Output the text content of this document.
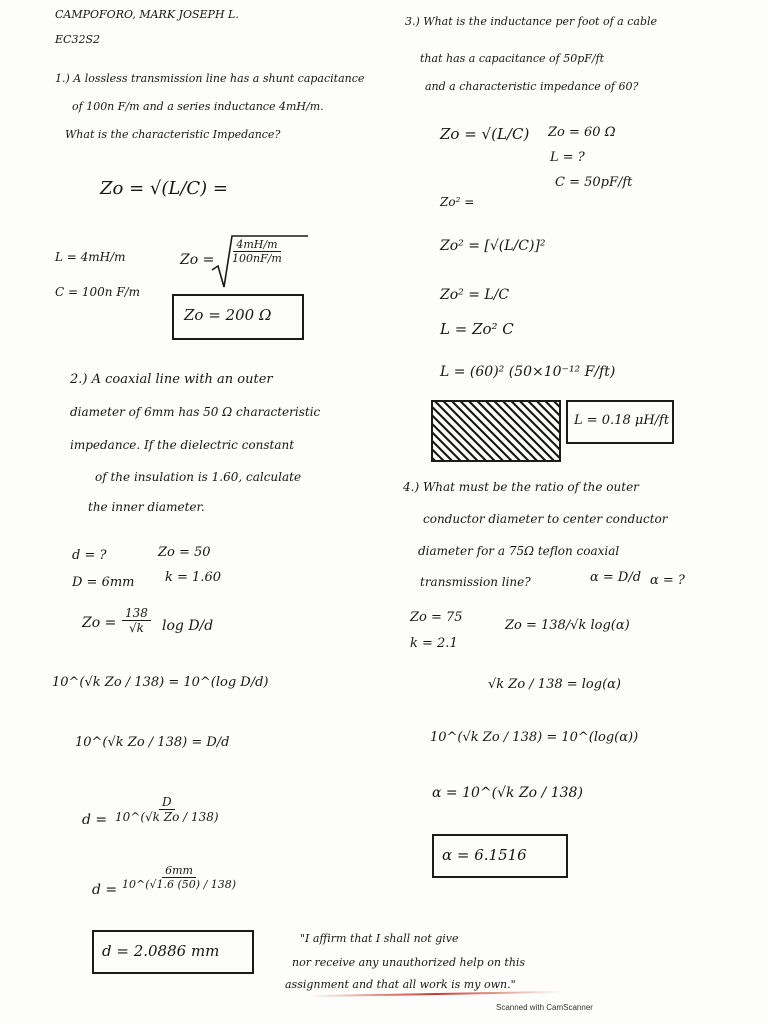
CAMPOFORO, MARK JOSEPH L.
EC32S2
1.) A lossless transmission line has a shunt capacitance
of 100n F/m and a series inductance 4mH/m.
What is the characteristic Impedance?
Zo = √(L/C) =
L = 4mH/m
C = 100n F/m
$Zo = \frac{4mH/m}{100nF/m}$
Zo = 200 Ω
2.) A coaxial line with an outer
diameter of 6mm has 50 Ω characteristic
impedance. If the dielectric constant
of the insulation is 1.60, calculate
the inner diameter.
d = ?
D = 6mm
Zo = 50
k = 1.60
$Zo = \frac{138}{√k}$ log D/d
10^(√k Zo / 138) = 10^(log D/d)
10^(√k Zo / 138) = D/d
$d = \frac{D}{\text{10\textasciicircum{}(√k Zo / 138)}}$
$d = \frac{6mm}{10\^{}(√1.6 (50) / 138)}$
d = 2.0886 mm
3.) What is the inductance per foot of a cable
that has a capacitance of 50pF/ft
and a characteristic impedance of 60?
Zo = √(L/C) Zo = 60 Ω
L = ?
C = 50pF/ft
Zo² =
Zo² = [√(L/C)]²
Zo² = L/C
L = Zo² C
L = (60)² (50×10⁻¹² F/ft)
L = 0.18 μH/ft
4.) What must be the ratio of the outer
conductor diameter to center conductor
diameter for a 75Ω teflon coaxial
transmission line?	α = D/d α = ?
Zo = 75
k = 2.1
Zo = 138/√k log(α)
√k Zo / 138 = log(α)
10^(√k Zo / 138) = 10^(log(α))
α = 10^(√k Zo / 138)
α = 6.1516
"I affirm that I shall not give
nor receive any unauthorized help on this
assignment and that all work is my own."
Scanned with CamScanner
